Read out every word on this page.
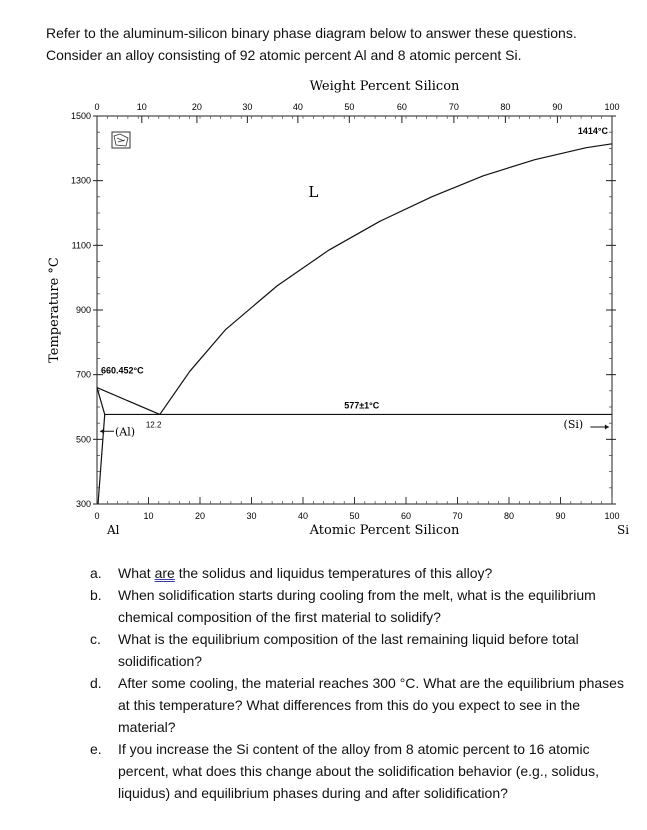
Refer to the aluminum-silicon binary phase diagram below to answer these questions.

Consider an alloy consisting of 92 atomic percent Al and 8 atomic percent Si.

1500
1300
1100
900
700
500
300
0	10	20	30	40	50	60	70	80	90	100
0	10	20	30	40	50	60	70	80	90	100
Weight Percent Silicon
Atomic Percent Silicon
Temperature °C
Al	Si
660.452°C
1414°C
577±1°C
12.2
L
(Al)
(Si)
a.	What are the solidus and liquidus temperatures of this alloy?
b.	When solidification starts during cooling from the melt, what is the equilibrium chemical composition of the first material to solidify?
c.	What is the equilibrium composition of the last remaining liquid before total solidification?
d.	After some cooling, the material reaches 300 °C. What are the equilibrium phases at this temperature? What differences from this do you expect to see in the material?
e.	If you increase the Si content of the alloy from 8 atomic percent to 16 atomic percent, what does this change about the solidification behavior (e.g., solidus, liquidus) and equilibrium phases during and after solidification?
